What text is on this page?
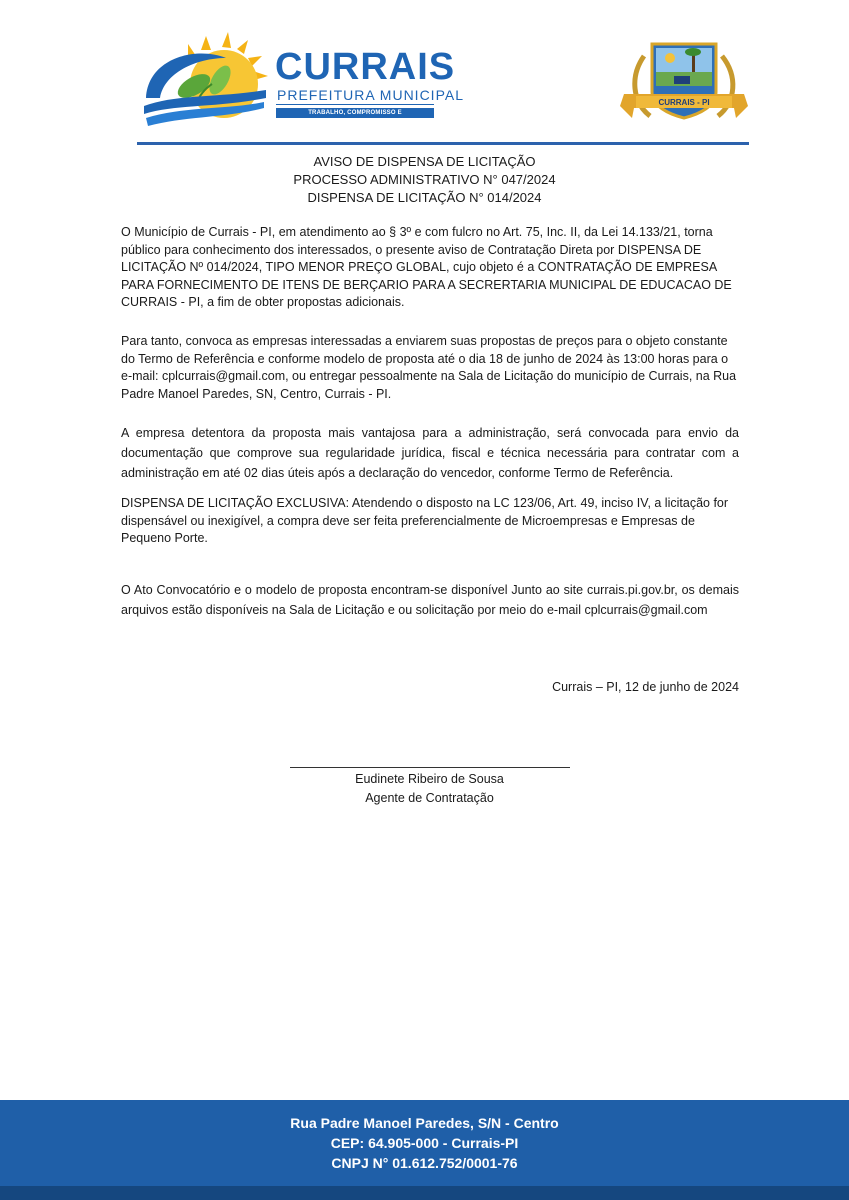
CURRAIS
PREFEITURA MUNICIPAL
TRABALHO, COMPROMISSO E RESPONSABILIDADE
CURRAIS - PI
AVISO DE DISPENSA DE LICITAÇÃO
PROCESSO ADMINISTRATIVO N° 047/2024
DISPENSA DE LICITAÇÃO N° 014/2024

O Município de Currais - PI, em atendimento ao § 3º e com fulcro no Art. 75, Inc. II, da Lei 14.133/21, torna público para conhecimento dos interessados, o presente aviso de Contratação Direta por DISPENSA DE LICITAÇÃO Nº 014/2024, TIPO MENOR PREÇO GLOBAL, cujo objeto é a CONTRATAÇÃO DE EMPRESA PARA FORNECIMENTO DE ITENS DE BERÇARIO PARA A SECRERTARIA MUNICIPAL DE EDUCACAO DE CURRAIS - PI, a fim de obter propostas adicionais.

Para tanto, convoca as empresas interessadas a enviarem suas propostas de preços para o objeto constante do Termo de Referência e conforme modelo de proposta até o dia 18 de junho de 2024 às 13:00 horas para o e-mail: cplcurrais@gmail.com, ou entregar pessoalmente na Sala de Licitação do município de Currais, na Rua Padre Manoel Paredes, SN, Centro, Currais - PI.

A empresa detentora da proposta mais vantajosa para a administração, será convocada para envio da documentação que comprove sua regularidade jurídica, fiscal e técnica necessária para contratar com a administração em até 02 dias úteis após a declaração do vencedor, conforme Termo de Referência.

DISPENSA DE LICITAÇÃO EXCLUSIVA: Atendendo o disposto na LC 123/06, Art. 49, inciso IV, a licitação for dispensável ou inexigível, a compra deve ser feita preferencialmente de Microempresas e Empresas de Pequeno Porte.

O Ato Convocatório e o modelo de proposta encontram-se disponível Junto ao site currais.pi.gov.br, os demais arquivos estão disponíveis na Sala de Licitação e ou solicitação por meio do e-mail cplcurrais@gmail.com

Currais – PI, 12 de junho de 2024
Eudinete Ribeiro de Sousa
Agente de Contratação
Rua Padre Manoel Paredes, S/N - Centro
CEP: 64.905-000 - Currais-PI
CNPJ N° 01.612.752/0001-76
